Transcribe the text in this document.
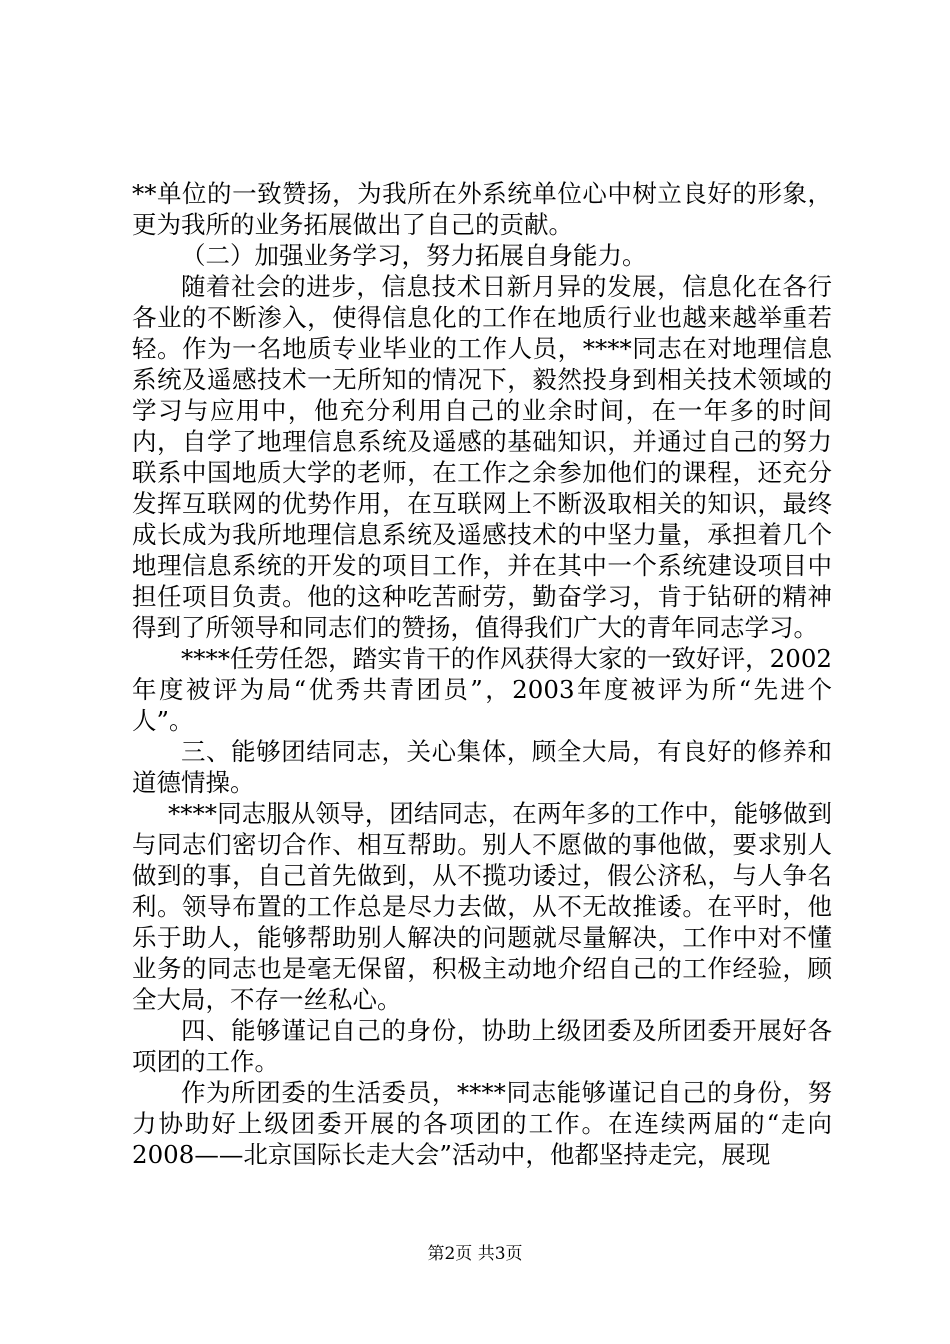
**单位的一致赞扬，为我所在外系统单位心中树立良好的形象，更为我所的业务拓展做出了自己的贡献。

（二）加强业务学习，努力拓展自身能力。

随着社会的进步，信息技术日新月异的发展，信息化在各行各业的不断渗入，使得信息化的工作在地质行业也越来越举重若轻。作为一名地质专业毕业的工作人员，****同志在对地理信息系统及遥感技术一无所知的情况下，毅然投身到相关技术领域的学习与应用中，他充分利用自己的业余时间，在一年多的时间内，自学了地理信息系统及遥感的基础知识，并通过自己的努力联系中国地质大学的老师，在工作之余参加他们的课程，还充分发挥互联网的优势作用，在互联网上不断汲取相关的知识，最终成长成为我所地理信息系统及遥感技术的中坚力量，承担着几个地理信息系统的开发的项目工作，并在其中一个系统建设项目中担任项目负责。他的这种吃苦耐劳，勤奋学习，肯于钻研的精神得到了所领导和同志们的赞扬，值得我们广大的青年同志学习。

****任劳任怨，踏实肯干的作风获得大家的一致好评，2002年度被评为局“优秀共青团员”，2003年度被评为所“先进个人”。

三、能够团结同志，关心集体，顾全大局，有良好的修养和道德情操。

****同志服从领导，团结同志，在两年多的工作中，能够做到与同志们密切合作、相互帮助。别人不愿做的事他做，要求别人做到的事，自己首先做到，从不揽功诿过，假公济私，与人争名利。领导布置的工作总是尽力去做，从不无故推诿。在平时，他乐于助人，能够帮助别人解决的问题就尽量解决，工作中对不懂业务的同志也是毫无保留，积极主动地介绍自己的工作经验，顾全大局，不存一丝私心。

四、能够谨记自己的身份，协助上级团委及所团委开展好各项团的工作。

作为所团委的生活委员，****同志能够谨记自己的身份，努力协助好上级团委开展的各项团的工作。在连续两届的“走向2008——北京国际长走大会”活动中，他都坚持走完，展现

第2页 共3页
